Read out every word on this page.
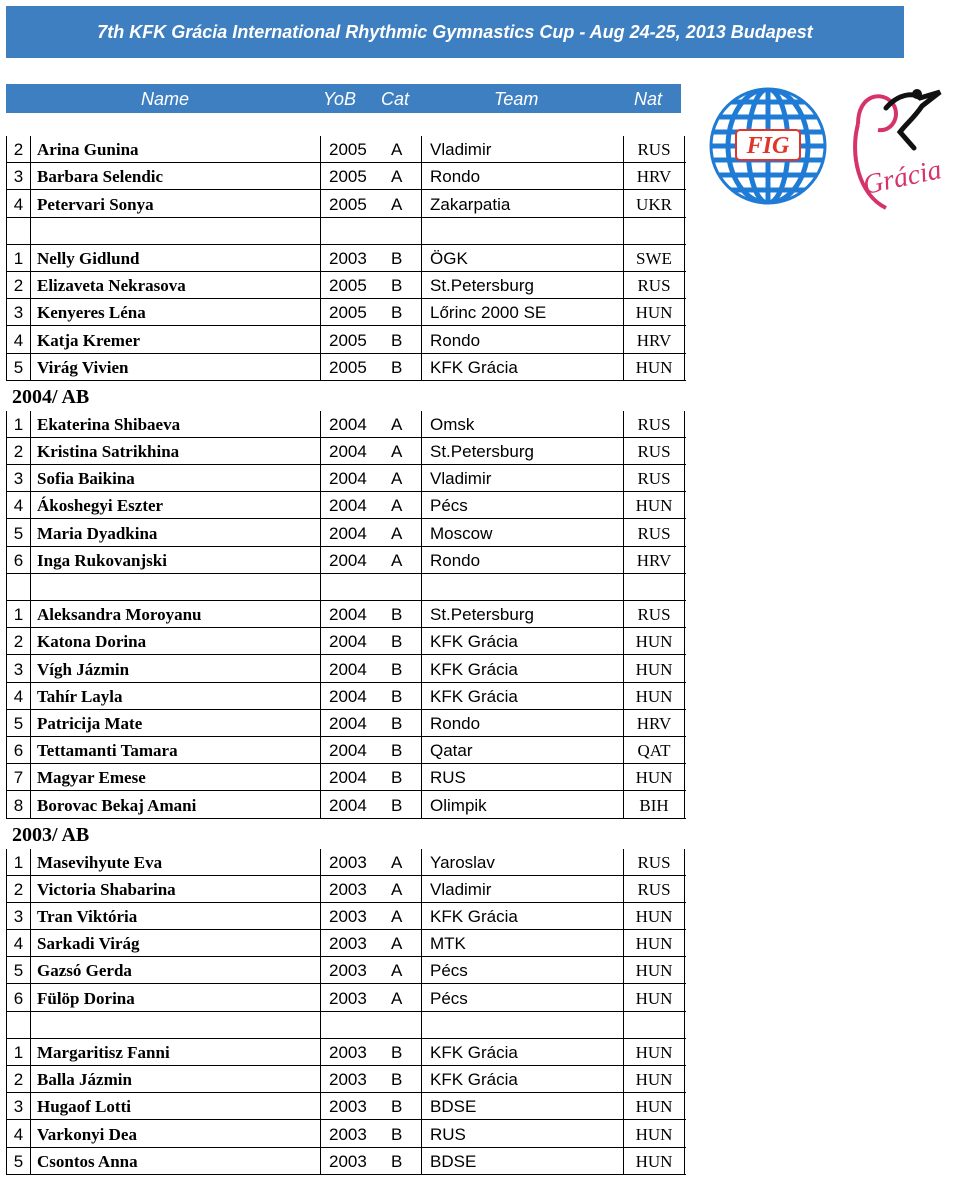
7th KFK Grácia International Rhythmic Gymnastics Cup - Aug 24-25, 2013 Budapest
Name	YoB Cat	Team	Nat
FIG
Grácia
2 Arina Gunina	2005	A	Vladimir	RUS
3 Barbara Selendic	2005	A	Rondo	HRV
4 Petervari Sonya	2005	A	Zakarpatia	UKR
1 Nelly Gidlund	2003	B	ÖGK	SWE
2 Elizaveta Nekrasova	2005	B	St.Petersburg	RUS
3 Kenyeres Léna	2005	B	Lőrinc 2000 SE	HUN
4 Katja Kremer	2005	B	Rondo	HRV
5 Virág Vivien	2005	B	KFK Grácia	HUN
2004/ AB
1 Ekaterina Shibaeva	2004	A	Omsk	RUS
2 Kristina Satrikhina	2004	A	St.Petersburg	RUS
3 Sofia Baikina	2004	A	Vladimir	RUS
4 Ákoshegyi Eszter	2004	A	Pécs	HUN
5 Maria Dyadkina	2004	A	Moscow	RUS
6 Inga Rukovanjski	2004	A	Rondo	HRV
1 Aleksandra Moroyanu	2004	B	St.Petersburg	RUS
2 Katona Dorina	2004	B	KFK Grácia	HUN
3 Vígh Jázmin	2004	B	KFK Grácia	HUN
4 Tahír Layla	2004	B	KFK Grácia	HUN
5 Patricija Mate	2004	B	Rondo	HRV
6 Tettamanti Tamara	2004	B	Qatar	QAT
7 Magyar Emese	2004	B	RUS	HUN
8 Borovac Bekaj Amani	2004	B	Olimpik	BIH
2003/ AB
1 Masevihyute Eva	2003	A	Yaroslav	RUS
2 Victoria Shabarina	2003	A	Vladimir	RUS
3 Tran Viktória	2003	A	KFK Grácia	HUN
4 Sarkadi Virág	2003	A	MTK	HUN
5 Gazsó Gerda	2003	A	Pécs	HUN
6 Fülöp Dorina	2003	A	Pécs	HUN
1 Margaritisz Fanni	2003	B	KFK Grácia	HUN
2 Balla Jázmin	2003	B	KFK Grácia	HUN
3 Hugaof Lotti	2003	B	BDSE	HUN
4 Varkonyi Dea	2003	B	RUS	HUN
5 Csontos Anna	2003	B	BDSE	HUN
